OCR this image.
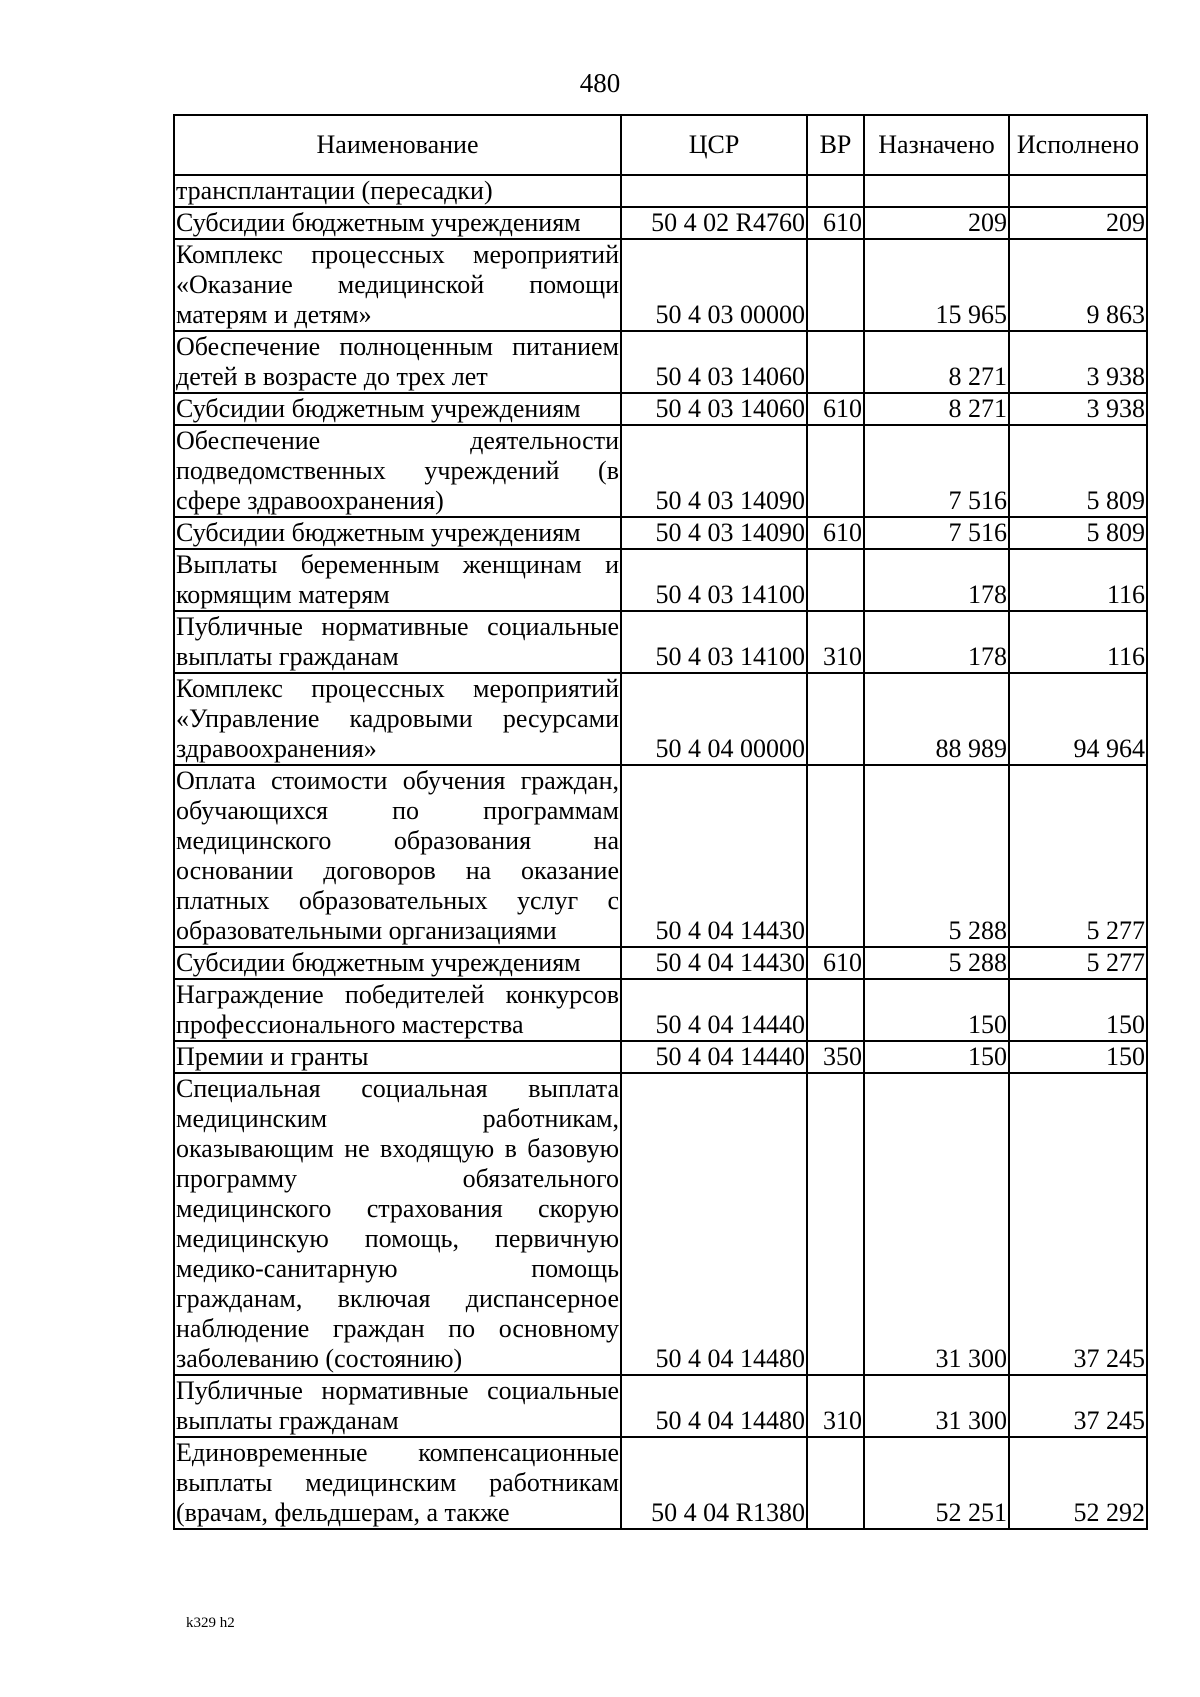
480
Наименование	ЦСР	ВР	Назначено	Исполнено
трансплантации (пересадки)				
Субсидии бюджетным учреждениям	50 4 02 R4760	610	209	209
Комплекс процессных мероприятий «Оказание медицинской помощи матерям и детям»	50 4 03 00000		15 965	9 863
Обеспечение полноценным питанием детей в возрасте до трех лет	50 4 03 14060		8 271	3 938
Субсидии бюджетным учреждениям	50 4 03 14060	610	8 271	3 938
Обеспечение деятельности подведомственных учреждений (в сфере здравоохранения)	50 4 03 14090		7 516	5 809
Субсидии бюджетным учреждениям	50 4 03 14090	610	7 516	5 809
Выплаты беременным женщинам и кормящим матерям	50 4 03 14100		178	116
Публичные нормативные социальные выплаты гражданам	50 4 03 14100	310	178	116
Комплекс процессных мероприятий «Управление кадровыми ресурсами здравоохранения»	50 4 04 00000		88 989	94 964
Оплата стоимости обучения граждан, обучающихся по программам медицинского образования на основании договоров на оказание платных образовательных услуг с образовательными организациями	50 4 04 14430		5 288	5 277
Субсидии бюджетным учреждениям	50 4 04 14430	610	5 288	5 277
Награждение победителей конкурсов профессионального мастерства	50 4 04 14440		150	150
Премии и гранты	50 4 04 14440	350	150	150
Специальная социальная выплата медицинским работникам, оказывающим не входящую в базовую программу обязательного медицинского страхования скорую медицинскую помощь, первичную медико-санитарную помощь гражданам, включая диспансерное наблюдение граждан по основному заболеванию (состоянию)	50 4 04 14480		31 300	37 245
Публичные нормативные социальные выплаты гражданам	50 4 04 14480	310	31 300	37 245
Единовременные компенсационные выплаты медицинским работникам (врачам, фельдшерам, а также	50 4 04 R1380		52 251	52 292
k329 h2
